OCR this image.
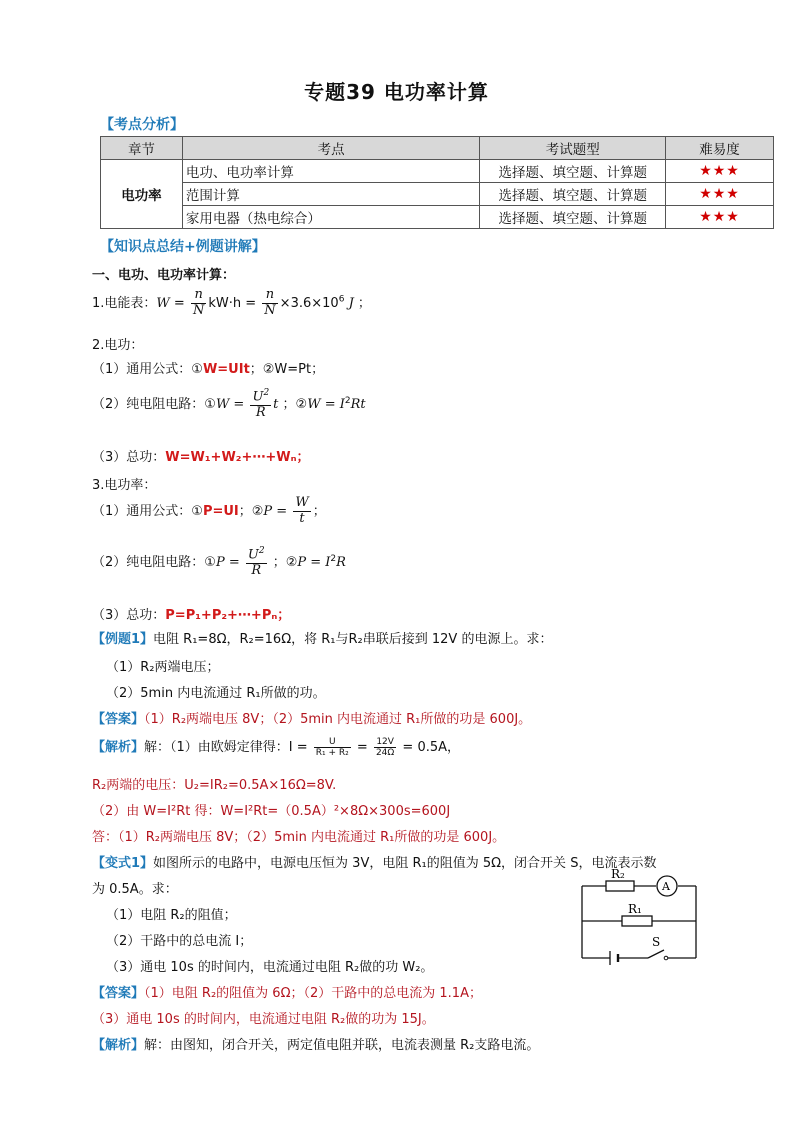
专题39 电功率计算
【考点分析】
章节	考点	考试题型	难易度
电功率	电功、电功率计算	选择题、填空题、计算题	★★★
	范围计算	选择题、填空题、计算题	★★★
	家用电器（热电综合）	选择题、填空题、计算题	★★★
【知识点总结+例题讲解】
一、电功、电功率计算：
1.电能表：$W = \frac{n}{N} kW\cdot h = \frac{n}{N} \times 3.6\times 10^6$ J ；
2.电功：
（1）通用公式：①W=UIt；②W=Pt；
（2）纯电阻电路：①W = $\frac{U^2}{R}$ t ；②W = $I^2Rt$
（3）总功：W=W₁+W₂+⋯+Wₙ；
3.电功率：
（1）通用公式：①P=UI；②P = $\frac{W}{t}$ ；
（2）纯电阻电路：①P = $\frac{U^2}{R}$ ；②P = $I^2R$
（3）总功：P=P₁+P₂+⋯+Pₙ；
【例题1】电阻 R₁=8Ω，R₂=16Ω，将 R₁与R₂串联后接到 12V 的电源上。求：
（1）R₂两端电压；
（2）5min 内电流通过 R₁所做的功。
【答案】（1）R₂两端电压 8V；（2）5min 内电流通过 R₁所做的功是 600J。
【解析】解：（1）由欧姆定律得：$I = \frac{U}{\text{R₁ + R₂}} = \frac{12V}{24\Omega} = 0.5A$，
R₂两端的电压：U₂=IR₂=0.5A×16Ω=8V.
（2）由 W=I²Rt 得：W=I²Rt=（0.5A）²×8Ω×300s=600J
答：（1）R₂两端电压 8V；（2）5min 内电流通过 R₁所做的功是 600J。
【变式1】如图所示的电路中，电源电压恒为 3V，电阻 R₁的阻值为 5Ω，闭合开关 S，电流表示数
为 0.5A。求：
（1）电阻 R₂的阻值；
（2）干路中的总电流 I；
（3）通电 10s 的时间内，电流通过电阻 R₂做的功 W₂。
【答案】（1）电阻 R₂的阻值为 6Ω；（2）干路中的总电流为 1.1A；
（3）通电 10s 的时间内，电流通过电阻 R₂做的功为 15J。
【解析】解：由图知，闭合开关，两定值电阻并联，电流表测量 R₂支路电流。
R₂
A
R₁
S
